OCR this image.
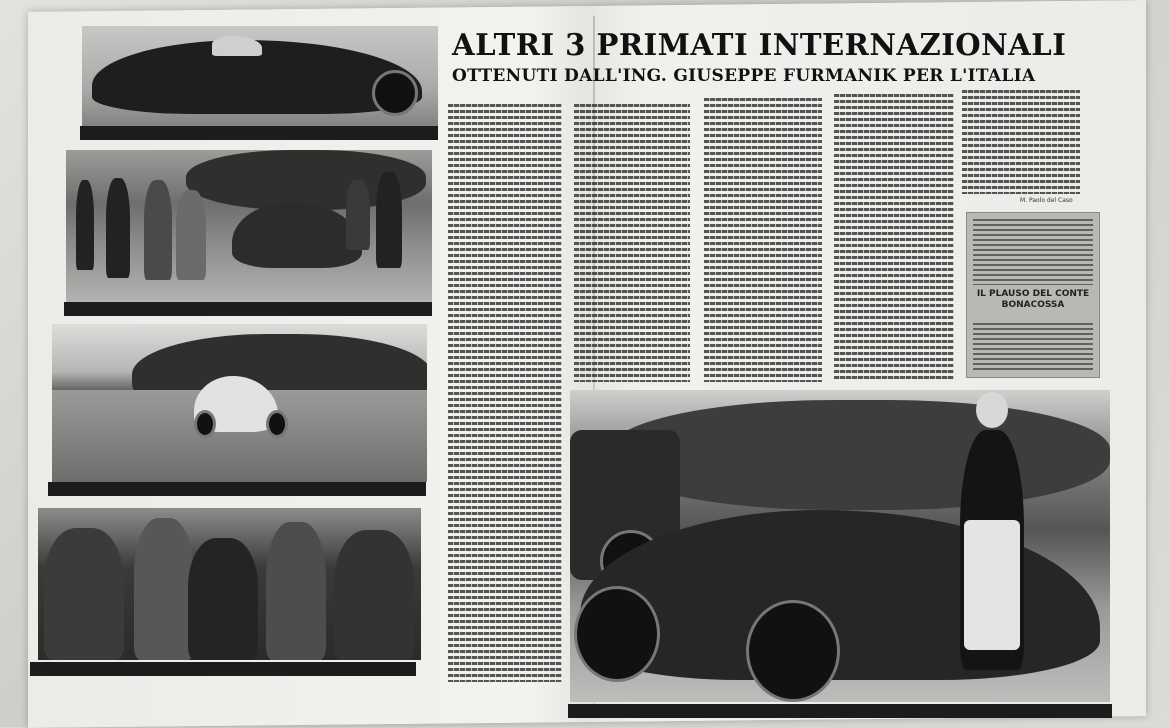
ALTRI 3 PRIMATI INTERNAZIONALI
OTTENUTI DALL'ING. GIUSEPPE FURMANIK PER L'ITALIA
M. Paolo del Caso
IL PLAUSO DEL CONTE BONACOSSA
